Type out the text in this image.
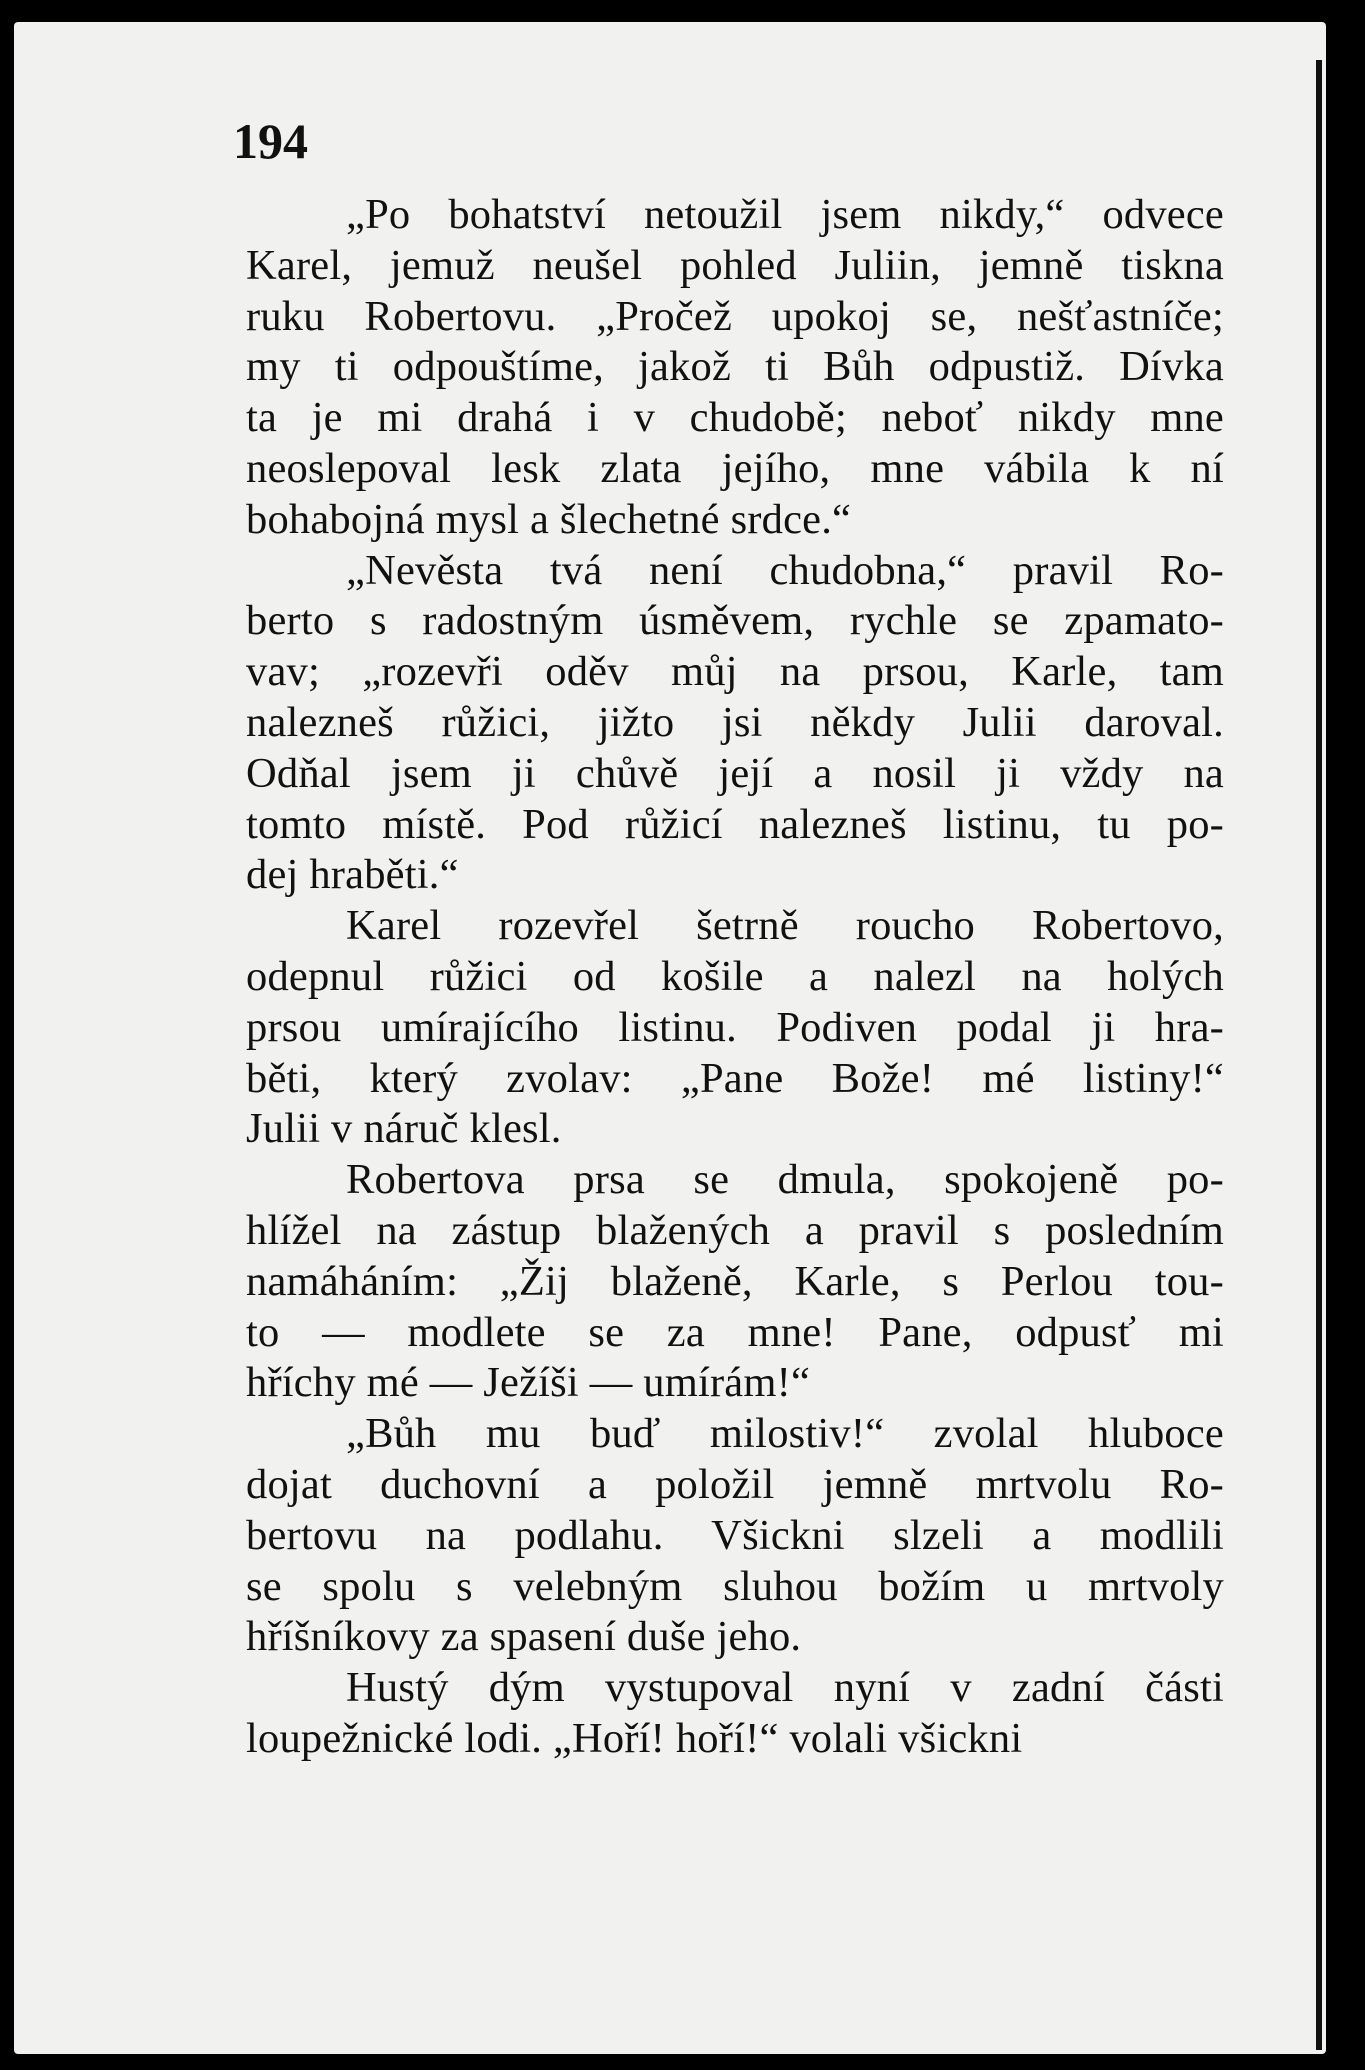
194

„Po bohatství netoužil jsem nikdy,“ odvece
Karel, jemuž neušel pohled Juliin, jemně tiskna
ruku Robertovu. „Pročež upokoj se, nešťastníče;
my ti odpouštíme, jakož ti Bůh odpustiž. Dívka
ta je mi drahá i v chudobě; neboť nikdy mne
neoslepoval lesk zlata jejího, mne vábila k ní
bohabojná mysl a šlechetné srdce.“
„Nevěsta tvá není chudobna,“ pravil Ro-
berto s radostným úsměvem, rychle se zpamato-
vav; „rozevři oděv můj na prsou, Karle, tam
nalezneš růžici, jižto jsi někdy Julii daroval.
Odňal jsem ji chůvě její a nosil ji vždy na
tomto místě. Pod růžicí nalezneš listinu, tu po-
dej hraběti.“
Karel rozevřel šetrně roucho Robertovo,
odepnul růžici od košile a nalezl na holých
prsou umírajícího listinu. Podiven podal ji hra-
běti, který zvolav: „Pane Bože! mé listiny!“
Julii v náruč klesl.
Robertova prsa se dmula, spokojeně po-
hlížel na zástup blažených a pravil s posledním
namáháním: „Žij blaženě, Karle, s Perlou tou-
to — modlete se za mne! Pane, odpusť mi
hříchy mé — Ježíši — umírám!“
„Bůh mu buď milostiv!“ zvolal hluboce
dojat duchovní a položil jemně mrtvolu Ro-
bertovu na podlahu. Všickni slzeli a modlili
se spolu s velebným sluhou božím u mrtvoly
hříšníkovy za spasení duše jeho.
Hustý dým vystupoval nyní v zadní části
loupežnické lodi. „Hoří! hoří!“ volali všickni
